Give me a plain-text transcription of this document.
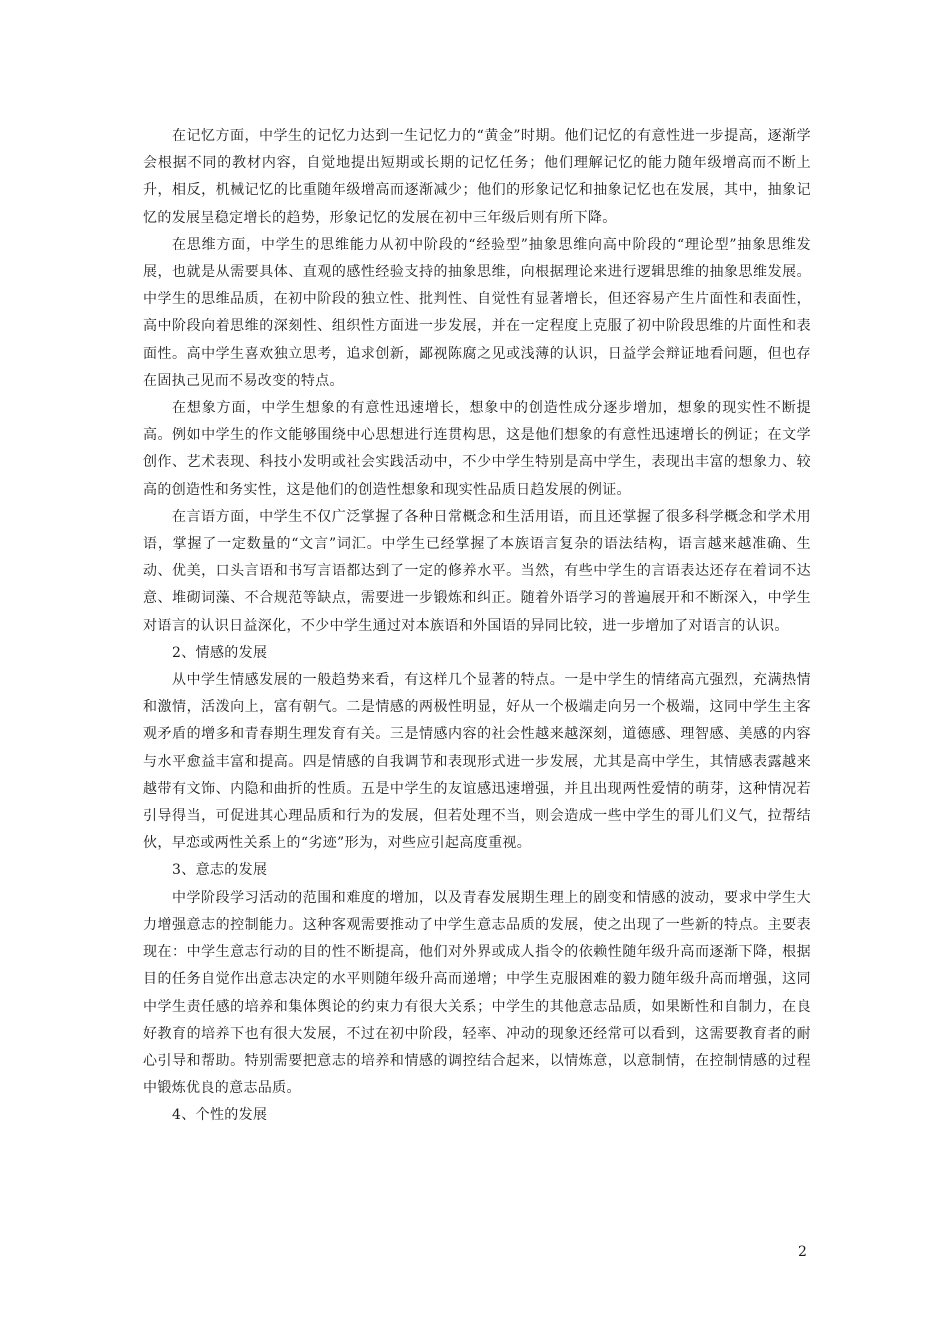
在记忆方面，中学生的记忆力达到一生记忆力的“黄金”时期。他们记忆的有意性进一步提高，逐渐学会根据不同的教材内容，自觉地提出短期或长期的记忆任务；他们理解记忆的能力随年级增高而不断上升，相反，机械记忆的比重随年级增高而逐渐减少；他们的形象记忆和抽象记忆也在发展，其中，抽象记忆的发展呈稳定增长的趋势，形象记忆的发展在初中三年级后则有所下降。

在思维方面，中学生的思维能力从初中阶段的“经验型”抽象思维向高中阶段的“理论型”抽象思维发展，也就是从需要具体、直观的感性经验支持的抽象思维，向根据理论来进行逻辑思维的抽象思维发展。中学生的思维品质，在初中阶段的独立性、批判性、自觉性有显著增长，但还容易产生片面性和表面性，高中阶段向着思维的深刻性、组织性方面进一步发展，并在一定程度上克服了初中阶段思维的片面性和表面性。高中学生喜欢独立思考，追求创新，鄙视陈腐之见或浅薄的认识，日益学会辩证地看问题，但也存在固执己见而不易改变的特点。

在想象方面，中学生想象的有意性迅速增长，想象中的创造性成分逐步增加，想象的现实性不断提高。例如中学生的作文能够围绕中心思想进行连贯构思，这是他们想象的有意性迅速增长的例证；在文学创作、艺术表现、科技小发明或社会实践活动中，不少中学生特别是高中学生，表现出丰富的想象力、较高的创造性和务实性，这是他们的创造性想象和现实性品质日趋发展的例证。

在言语方面，中学生不仅广泛掌握了各种日常概念和生活用语，而且还掌握了很多科学概念和学术用语，掌握了一定数量的“文言”词汇。中学生已经掌握了本族语言复杂的语法结构，语言越来越准确、生动、优美，口头言语和书写言语都达到了一定的修养水平。当然，有些中学生的言语表达还存在着词不达意、堆砌词藻、不合规范等缺点，需要进一步锻炼和纠正。随着外语学习的普遍展开和不断深入，中学生对语言的认识日益深化，不少中学生通过对本族语和外国语的异同比较，进一步增加了对语言的认识。

2、情感的发展

从中学生情感发展的一般趋势来看，有这样几个显著的特点。一是中学生的情绪高亢强烈，充满热情和激情，活泼向上，富有朝气。二是情感的两极性明显，好从一个极端走向另一个极端，这同中学生主客观矛盾的增多和青春期生理发育有关。三是情感内容的社会性越来越深刻，道德感、理智感、美感的内容与水平愈益丰富和提高。四是情感的自我调节和表现形式进一步发展，尤其是高中学生，其情感表露越来越带有文饰、内隐和曲折的性质。五是中学生的友谊感迅速增强，并且出现两性爱情的萌芽，这种情况若引导得当，可促进其心理品质和行为的发展，但若处理不当，则会造成一些中学生的哥儿们义气，拉帮结伙，早恋或两性关系上的“劣迹”形为，对些应引起高度重视。

3、意志的发展

中学阶段学习活动的范围和难度的增加，以及青春发展期生理上的剧变和情感的波动，要求中学生大力增强意志的控制能力。这种客观需要推动了中学生意志品质的发展，使之出现了一些新的特点。主要表现在：中学生意志行动的目的性不断提高，他们对外界或成人指令的依赖性随年级升高而逐渐下降，根据目的任务自觉作出意志决定的水平则随年级升高而递增；中学生克服困难的毅力随年级升高而增强，这同中学生责任感的培养和集体舆论的约束力有很大关系；中学生的其他意志品质，如果断性和自制力，在良好教育的培养下也有很大发展，不过在初中阶段，轻率、冲动的现象还经常可以看到，这需要教育者的耐心引导和帮助。特别需要把意志的培养和情感的调控结合起来，以情炼意，以意制情，在控制情感的过程中锻炼优良的意志品质。

4、个性的发展

2
